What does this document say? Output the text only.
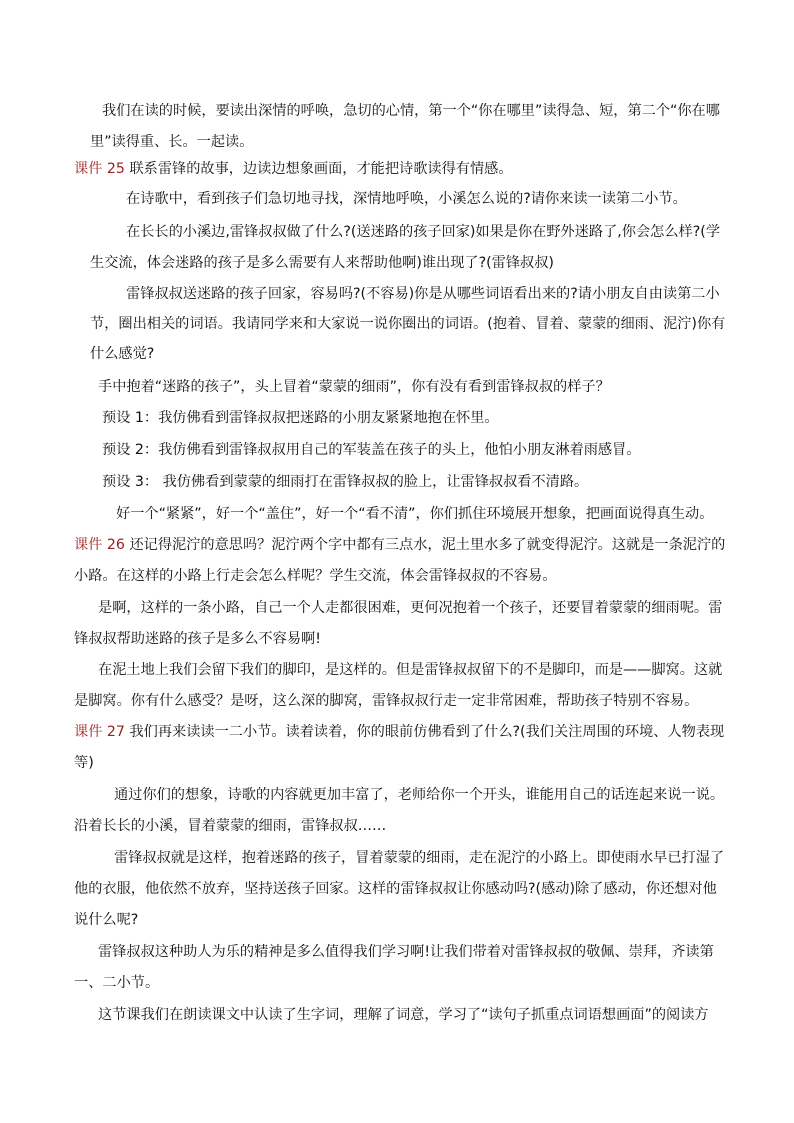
我们在读的时候，要读出深情的呼唤，急切的心情，第一个“你在哪里”读得急、短，第二个“你在哪里”读得重、长。一起读。

课件 25 联系雷锋的故事，边读边想象画面，才能把诗歌读得有情感。

在诗歌中，看到孩子们急切地寻找，深情地呼唤，小溪怎么说的?请你来读一读第二小节。

在长长的小溪边,雷锋叔叔做了什么?(送迷路的孩子回家)如果是你在野外迷路了,你会怎么样?(学生交流，体会迷路的孩子是多么需要有人来帮助他啊)谁出现了?(雷锋叔叔)

雷锋叔叔送迷路的孩子回家，容易吗?(不容易)你是从哪些词语看出来的?请小朋友自由读第二小节，圈出相关的词语。我请同学来和大家说一说你圈出的词语。(抱着、冒着、蒙蒙的细雨、泥泞)你有什么感觉?

手中抱着“迷路的孩子”，头上冒着“蒙蒙的细雨”，你有没有看到雷锋叔叔的样子？

预设 1：我仿佛看到雷锋叔叔把迷路的小朋友紧紧地抱在怀里。

预设 2：我仿佛看到雷锋叔叔用自己的军装盖在孩子的头上，他怕小朋友淋着雨感冒。

预设 3： 我仿佛看到蒙蒙的细雨打在雷锋叔叔的脸上，让雷锋叔叔看不清路。

好一个“紧紧”，好一个“盖住”，好一个“看不清”，你们抓住环境展开想象，把画面说得真生动。

课件 26 还记得泥泞的意思吗？泥泞两个字中都有三点水，泥土里水多了就变得泥泞。这就是一条泥泞的小路。在这样的小路上行走会怎么样呢？学生交流，体会雷锋叔叔的不容易。

是啊，这样的一条小路，自己一个人走都很困难，更何况抱着一个孩子，还要冒着蒙蒙的细雨呢。雷锋叔叔帮助迷路的孩子是多么不容易啊!

在泥土地上我们会留下我们的脚印，是这样的。但是雷锋叔叔留下的不是脚印，而是——脚窝。这就是脚窝。你有什么感受？是呀，这么深的脚窝，雷锋叔叔行走一定非常困难，帮助孩子特别不容易。

课件 27 我们再来读读一二小节。读着读着，你的眼前仿佛看到了什么?(我们关注周围的环境、人物表现等)

通过你们的想象，诗歌的内容就更加丰富了，老师给你一个开头，谁能用自己的话连起来说一说。沿着长长的小溪，冒着蒙蒙的细雨，雷锋叔叔……

雷锋叔叔就是这样，抱着迷路的孩子，冒着蒙蒙的细雨，走在泥泞的小路上。即使雨水早已打湿了他的衣服，他依然不放弃，坚持送孩子回家。这样的雷锋叔叔让你感动吗?(感动)除了感动，你还想对他说什么呢?

雷锋叔叔这种助人为乐的精神是多么值得我们学习啊!让我们带着对雷锋叔叔的敬佩、崇拜，齐读第一、二小节。

这节课我们在朗读课文中认读了生字词，理解了词意，学习了“读句子抓重点词语想画面”的阅读方
